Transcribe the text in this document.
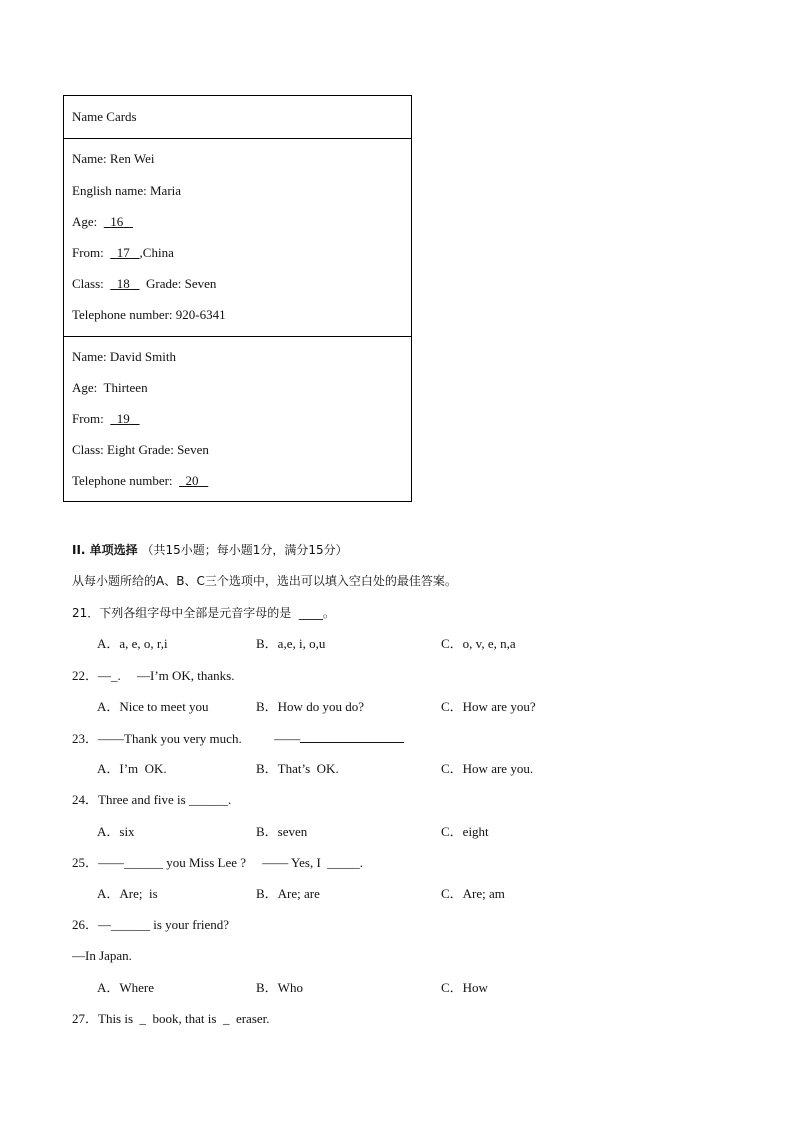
Name Cards
Name: Ren Wei
English name: Maria
Age: 16
From: 17 ,China
Class: 18 Grade: Seven
Telephone number: 920-6341
Name: David Smith
Age:  Thirteen
From: 19
Class: Eight Grade: Seven
Telephone number: 20
II. 单项选择 （共15小题；每小题1分，满分15分）
从每小题所给的A、B、C三个选项中，选出可以填入空白处的最佳答案。
21．下列各组字母中全部是元音字母的是  ____。
A．a, e, o, r,i	B．a,e, i, o,u	C．o, v, e, n,a
22．—_.     —I’m OK, thanks.
A．Nice to meet you	B．How do you do?	C．How are you?
23．——Thank you very much.          ——
A．I’m  OK.	B．That’s  OK.	C．How are you.
24．Three and five is ______.
A．six	B．seven	C．eight
25．——______ you Miss Lee ?     —— Yes, I  _____.
A．Are;  is	B．Are; are	C．Are; am
26．—______ is your friend?
—In Japan.
A．Where	B．Who	C．How
27．This is  _  book, that is  _  eraser.
